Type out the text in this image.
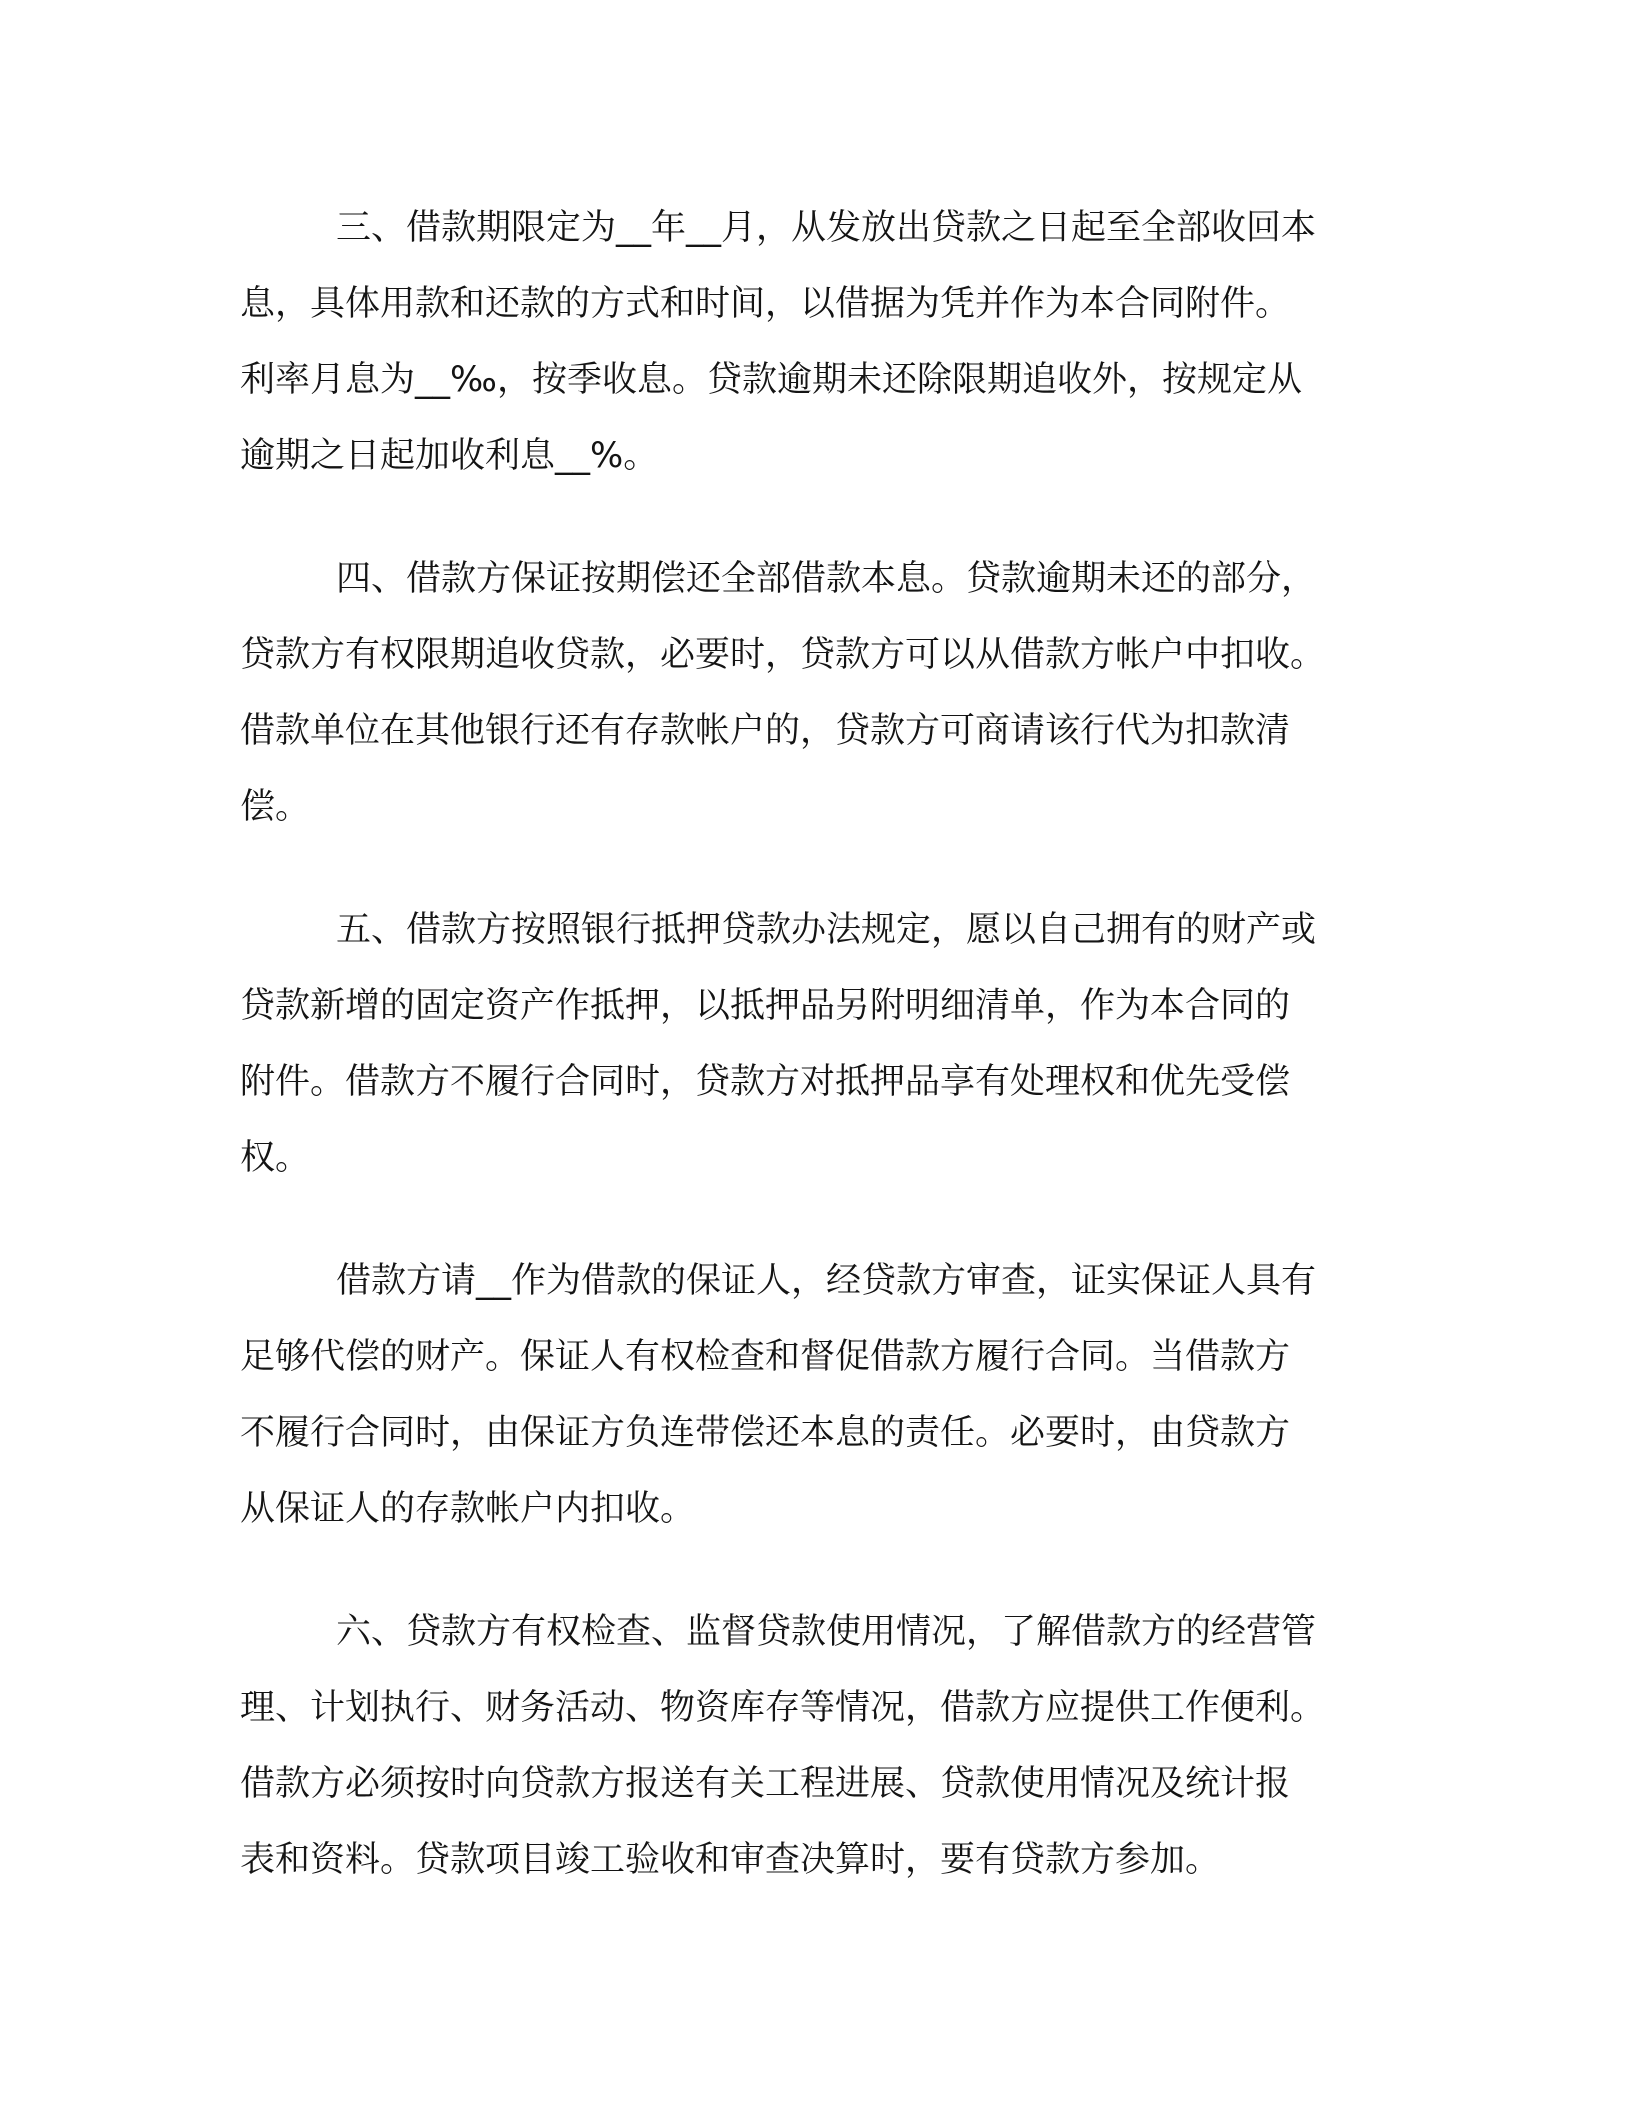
三、借款期限定为__年__月，从发放出贷款之日起至全部收回本
息，具体用款和还款的方式和时间，以借据为凭并作为本合同附件。
利率月息为__‰，按季收息。贷款逾期未还除限期追收外，按规定从
逾期之日起加收利息__%。
四、借款方保证按期偿还全部借款本息。贷款逾期未还的部分，
贷款方有权限期追收贷款，必要时，贷款方可以从借款方帐户中扣收。
借款单位在其他银行还有存款帐户的，贷款方可商请该行代为扣款清
偿。
五、借款方按照银行抵押贷款办法规定，愿以自己拥有的财产或
贷款新增的固定资产作抵押，以抵押品另附明细清单，作为本合同的
附件。借款方不履行合同时，贷款方对抵押品享有处理权和优先受偿
权。
借款方请__作为借款的保证人，经贷款方审查，证实保证人具有
足够代偿的财产。保证人有权检查和督促借款方履行合同。当借款方
不履行合同时，由保证方负连带偿还本息的责任。必要时，由贷款方
从保证人的存款帐户内扣收。
六、贷款方有权检查、监督贷款使用情况，了解借款方的经营管
理、计划执行、财务活动、物资库存等情况，借款方应提供工作便利。
借款方必须按时向贷款方报送有关工程进展、贷款使用情况及统计报
表和资料。贷款项目竣工验收和审查决算时，要有贷款方参加。
